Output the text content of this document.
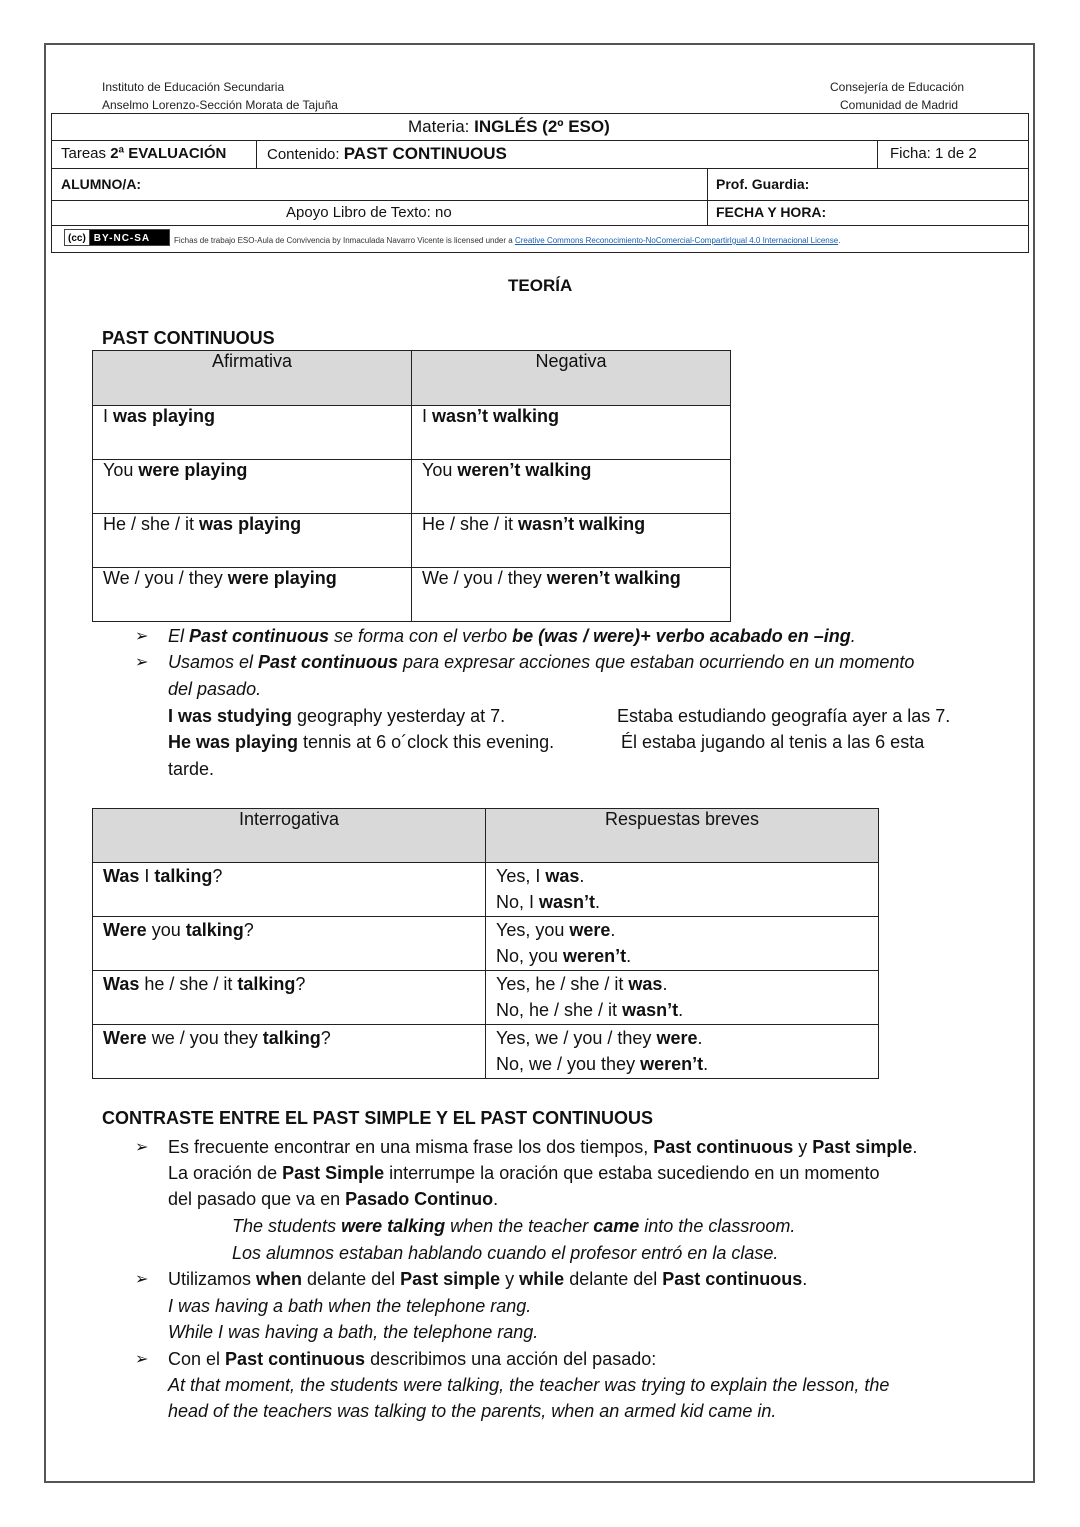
Instituto de Educación Secundaria
Anselmo Lorenzo-Sección Morata de Tajuña
Consejería de Educación
Comunidad de Madrid
Materia: INGLÉS (2º ESO)
Tareas 2ª EVALUACIÓN	Contenido: PAST CONTINUOUS	Ficha: 1 de 2
ALUMNO/A:	Prof. Guardia:
Apoyo Libro de Texto: no	FECHA Y HORA:
(cc) BY-NC-SA	Fichas de trabajo ESO-Aula de Convivencia by Inmaculada Navarro Vicente is licensed under a Creative Commons Reconocimiento-NoComercial-CompartirIgual 4.0 Internacional License.
TEORÍA
PAST CONTINUOUS
Afirmativa	Negativa
I was playing	I wasn’t walking
You were playing	You weren’t walking
He / she / it was playing	He / she / it wasn’t walking
We / you / they were playing	We / you / they weren’t walking
➢ El Past continuous se forma con el verbo be (was / were)+ verbo acabado en –ing.
➢ Usamos el Past continuous para expresar acciones que estaban ocurriendo en un momento
del pasado.
I was studying geography yesterday at 7.	Estaba estudiando geografía ayer a las 7.
He was playing tennis at 6 o´clock this evening.	Él estaba jugando al tenis a las 6 esta
tarde.
Interrogativa	Respuestas breves
Was I talking?	Yes, I was.
No, I wasn’t.

Were you talking?	Yes, you were.
No, you weren’t.

Was he / she / it talking?	Yes, he / she / it was.
No, he / she / it wasn’t.

Were we / you they talking?	Yes, we / you / they were.
No, we / you they weren’t.
CONTRASTE ENTRE EL PAST SIMPLE Y EL PAST CONTINUOUS
➢ Es frecuente encontrar en una misma frase los dos tiempos, Past continuous y Past simple.
La oración de Past Simple interrumpe la oración que estaba sucediendo en un momento
del pasado que va en Pasado Continuo.
The students were talking when the teacher came into the classroom.
Los alumnos estaban hablando cuando el profesor entró en la clase.
➢ Utilizamos when delante del Past simple y while delante del Past continuous.
I was having a bath when the telephone rang.
While I was having a bath, the telephone rang.
➢ Con el Past continuous describimos una acción del pasado:
At that moment, the students were talking, the teacher was trying to explain the lesson, the
head of the teachers was talking to the parents, when an armed kid came in.
